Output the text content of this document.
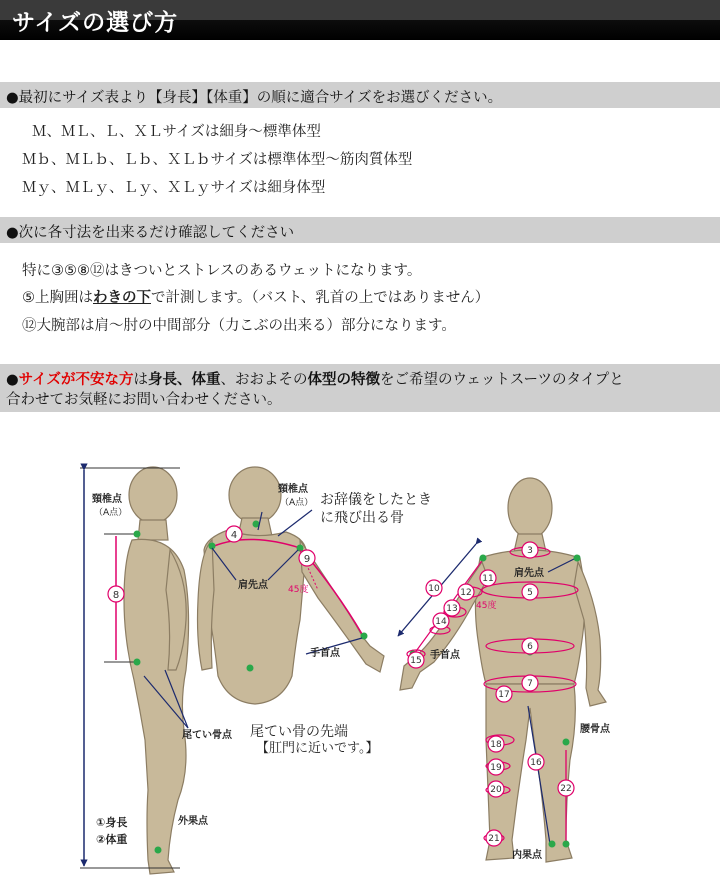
サイズの選び方
●最初にサイズ表より【身長】【体重】の順に適合サイズをお選びください。
Ｍ、ＭＬ、Ｌ、ＸＬサイズは細身～標準体型
Ｍｂ、ＭＬｂ、Ｌｂ、ＸＬｂサイズは標準体型～筋肉質体型
Ｍｙ、ＭＬｙ、Ｌｙ、ＸＬｙサイズは細身体型
●次に各寸法を出来るだけ確認してください
特に③⑤⑧⑫はきついとストレスのあるウェットになります。
⑤上胸囲はわきの下で計測します。（バスト、乳首の上ではありません）
⑫大腕部は肩～肘の中間部分（力こぶの出来る）部分になります。
●サイズが不安な方は身長、体重、おおよその体型の特徴をご希望のウェットスーツのタイプと
合わせてお気軽にお問い合わせください。
8
頸椎点
（A点）
尾てい骨点
外果点
①身長
②体重
4
9
頸椎点
（A点）
肩先点 45度
手首点
お辞儀をしたとき
に飛び出る骨
尾てい骨の先端
【肛門に近いです。】
3
11
5
10 12
13
14
6
15
7
17
16
18
19
20
21
22
肩先点
45度
手首点
腰骨点
内果点
